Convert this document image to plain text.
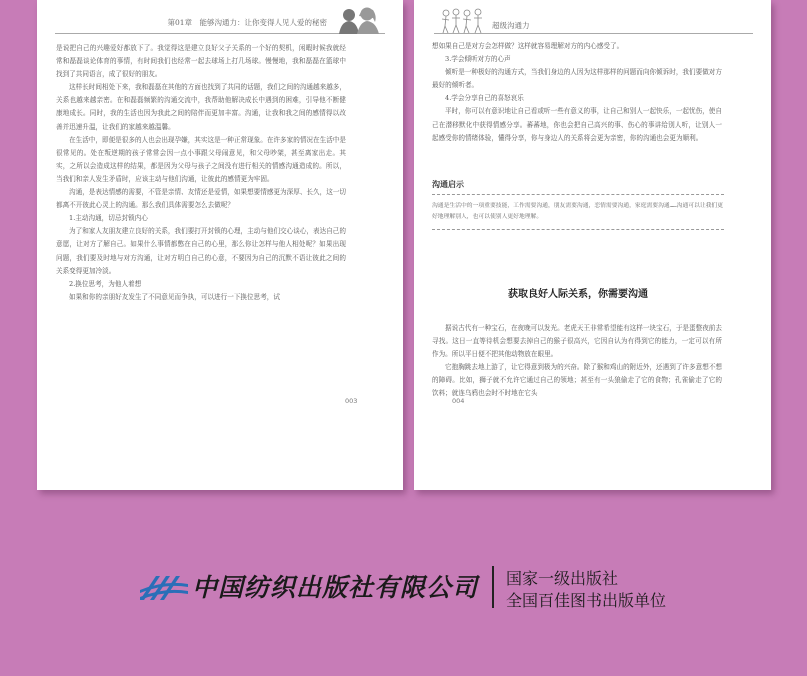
第01章　能够沟通力：让你变得人见人爱的秘密	超级沟通力

是说把自己的兴趣爱好都放下了。我觉得这是建立良好父子关系的一个好的契机，闲暇时候我就经常和磊磊谈论体育的事情，有时间我们也经常一起去球场上打几场球。慢慢地，我和磊磊在篮球中找到了共同语言，成了很好的朋友。

这样长时间相处下来，我和磊磊在其他的方面也找到了共同的话题，我们之间的沟通越来越多，关系也越来越亲密。在和磊磊频繁的沟通交流中，我帮助他解决成长中遇到的困难，引导他不断健康地成长。同时，我的生活也因为我此之间的陪伴而更加丰富。沟通，让我和我之间的感情得以改善并迅速升温，让我们的家越来越温馨。

在生活中，即便是很多的人也会出现孕嫌，其实这是一种正常现象。在许多家的情况在生活中是很常见的。处在叛逆期的孩子常常会因一点小事跟父母闹意见，和父母吵架，甚至离家出走。其实，之所以会造成这样的结果，都是因为父母与孩子之间没有进行相关的情感沟通造成的。所以，当我们和亲人发生矛盾时，应该主动与他们沟通，让彼此的感情更为牢固。

沟通，是表达情感的需要，不管是亲情、友情还是爱情，如果想要情感更为深厚、长久，这一切都离不开彼此心灵上的沟通。那么我们具体需要怎么去做呢？

1.主动沟通，切忌封锁内心

为了和家人友朋友建立良好的关系，我们要打开封锁的心理，主动与他们交心谈心，表达自己的意愿，让对方了解自己。如果什么事情都憋在自己的心里，那么你让怎样与他人相处呢？如果出现问题，我们要及时地与对方沟通，让对方明白自己的心意，不要因为自己的沉默不语让彼此之间的关系变得更加冷淡。

2.换位思考，为他人着想

如果和你的亲朋好友发生了不同意见而争执，可以进行一下换位思考，试

003

想如果自己是对方会怎样做？这样就容易理解对方的内心感受了。

3.学会倾听对方的心声

倾听是一种极好的沟通方式，当我们身边的人因为这样那样的问题而向你倾诉时，我们要做对方最好的倾听者。

4.学会分享自己的喜怒哀乐

平时，你可以有意识地让自己看或听一些有意义的事，让自己和别人一起快乐，一起忧伤，使自己在潜移默化中获得情感分享。蕃蕃地，你也会把自己高兴的事、伤心的事讲给别人听，让别人一起感受你的情绪体验，懂得分享，你与身边人的关系将会更为亲密，你的沟通也会更为顺利。

沟通启示
沟通是生活中的一项重要技能，工作需要沟通，朋友需要沟通，恋情需要沟通，家庭需要沟通……沟通可以让我们更好地理解别人，也可以使别人更好地理解。
获取良好人际关系，你需要沟通

据说古代有一种宝石，在夜晚可以发光。老虎天王非常希望能有这样一块宝石，于是蛋整夜前去寻找。这日一直等待机会想要去掉自己的猴子很高兴，它因自认为有得到它的能力，一定可以有所作为。所以平日便不把其他动物放在眼里。

它抱胸跳去地上游了，让它得意到极为的兴奋。除了猴和鸡山的附近外，还遇到了许多意想不想的障碍。比如，狮子就不允许它通过自己的领地；甚至有一头狼偷走了它的食物；孔雀偷走了它的饮料；就连乌鸦也会时不时地在它头

004
中国纺织出版社有限公司 国家一级出版社
全国百佳图书出版单位
